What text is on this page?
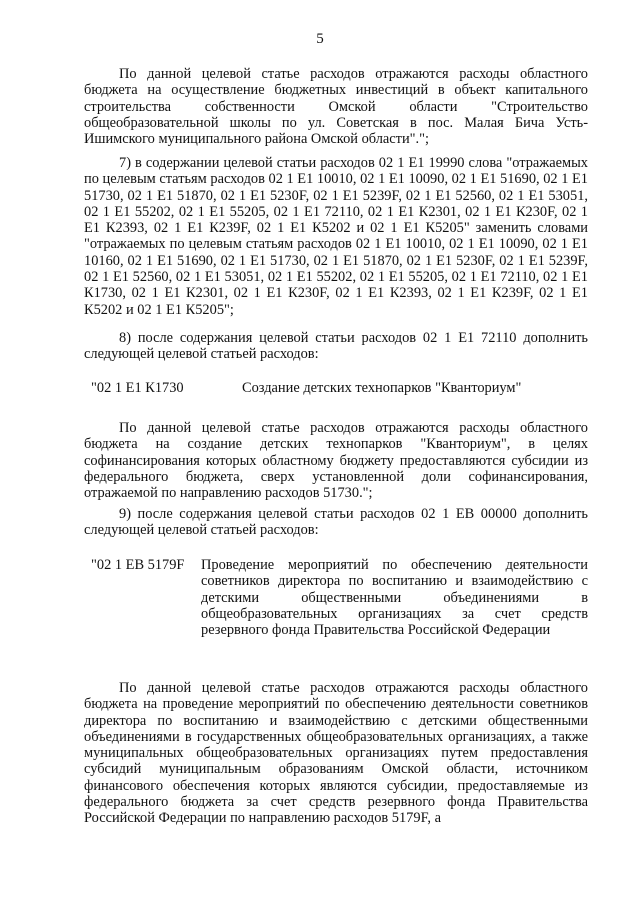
5
По данной целевой статье расходов отражаются расходы областного бюджета на осуществление бюджетных инвестиций в объект капитального строительства собственности Омской области "Строительство общеобразовательной школы по ул. Советская в пос. Малая Бича Усть-Ишимского муниципального района Омской области".";
7) в содержании целевой статьи расходов 02 1 Е1 19990 слова "отражаемых по целевым статьям расходов 02 1 Е1 10010, 02 1 Е1 10090, 02 1 Е1 51690, 02 1 Е1 51730, 02 1 Е1 51870, 02 1 Е1 5230F, 02 1 Е1 5239F, 02 1 Е1 52560, 02 1 Е1 53051, 02 1 Е1 55202, 02 1 Е1 55205, 02 1 Е1 72110, 02 1 Е1 К2301, 02 1 Е1 К230F, 02 1 Е1 К2393, 02 1 Е1 К239F, 02 1 Е1 К5202 и 02 1 Е1 К5205" заменить словами "отражаемых по целевым статьям расходов 02 1 Е1 10010, 02 1 Е1 10090, 02 1 Е1 10160, 02 1 Е1 51690, 02 1 Е1 51730, 02 1 Е1 51870, 02 1 Е1 5230F, 02 1 Е1 5239F, 02 1 Е1 52560, 02 1 Е1 53051, 02 1 Е1 55202, 02 1 Е1 55205, 02 1 Е1 72110, 02 1 Е1 К1730, 02 1 Е1 К2301, 02 1 Е1 К230F, 02 1 Е1 К2393, 02 1 Е1 К239F, 02 1 Е1 К5202 и 02 1 Е1 К5205";
8) после содержания целевой статьи расходов 02 1 Е1 72110 дополнить следующей целевой статьей расходов:
"02 1 Е1 К1730	Создание детских технопарков "Кванториум"
По данной целевой статье расходов отражаются расходы областного бюджета на создание детских технопарков "Кванториум", в целях софинансирования которых областному бюджету предоставляются субсидии из федерального бюджета, сверх установленной доли софинансирования, отражаемой по направлению расходов 51730.";
9) после содержания целевой статьи расходов 02 1 ЕВ 00000 дополнить следующей целевой статьей расходов:
"02 1 ЕВ 5179F Проведение мероприятий по обеспечению деятельности советников директора по воспитанию и взаимодействию с детскими общественными объединениями в общеобразовательных организациях за счет средств резервного фонда Правительства Российской Федерации
По данной целевой статье расходов отражаются расходы областного бюджета на проведение мероприятий по обеспечению деятельности советников директора по воспитанию и взаимодействию с детскими общественными объединениями в государственных общеобразовательных организациях, а также муниципальных общеобразовательных организациях путем предоставления субсидий муниципальным образованиям Омской области, источником финансового обеспечения которых являются субсидии, предоставляемые из федерального бюджета за счет средств резервного фонда Правительства Российской Федерации по направлению расходов 5179F, а
